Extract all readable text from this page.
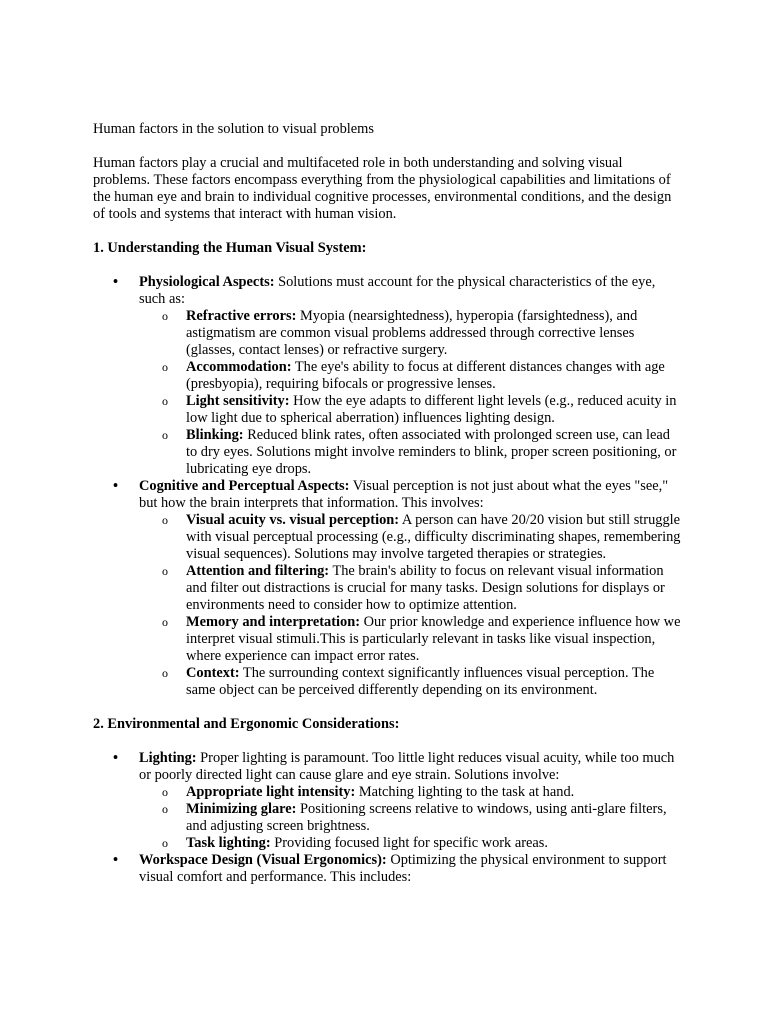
Human factors in the solution to visual problems

Human factors play a crucial and multifaceted role in both understanding and solving visual problems. These factors encompass everything from the physiological capabilities and limitations of the human eye and brain to individual cognitive processes, environmental conditions, and the design of tools and systems that interact with human vision.

1. Understanding the Human Visual System:

• Physiological Aspects: Solutions must account for the physical characteristics of the eye, such as:
o Refractive errors: Myopia (nearsightedness), hyperopia (farsightedness), and astigmatism are common visual problems addressed through corrective lenses (glasses, contact lenses) or refractive surgery.
o Accommodation: The eye's ability to focus at different distances changes with age (presbyopia), requiring bifocals or progressive lenses.
o Light sensitivity: How the eye adapts to different light levels (e.g., reduced acuity in low light due to spherical aberration) influences lighting design.
o Blinking: Reduced blink rates, often associated with prolonged screen use, can lead to dry eyes. Solutions might involve reminders to blink, proper screen positioning, or lubricating eye drops.
• Cognitive and Perceptual Aspects: Visual perception is not just about what the eyes "see," but how the brain interprets that information. This involves:
o Visual acuity vs. visual perception: A person can have 20/20 vision but still struggle with visual perceptual processing (e.g., difficulty discriminating shapes, remembering visual sequences). Solutions may involve targeted therapies or strategies.
o Attention and filtering: The brain's ability to focus on relevant visual information and filter out distractions is crucial for many tasks. Design solutions for displays or environments need to consider how to optimize attention.
o Memory and interpretation: Our prior knowledge and experience influence how we interpret visual stimuli.This is particularly relevant in tasks like visual inspection, where experience can impact error rates.
o Context: The surrounding context significantly influences visual perception. The same object can be perceived differently depending on its environment.

2. Environmental and Ergonomic Considerations:

• Lighting: Proper lighting is paramount. Too little light reduces visual acuity, while too much or poorly directed light can cause glare and eye strain. Solutions involve:
o Appropriate light intensity: Matching lighting to the task at hand.
o Minimizing glare: Positioning screens relative to windows, using anti-glare filters, and adjusting screen brightness.
o Task lighting: Providing focused light for specific work areas.
• Workspace Design (Visual Ergonomics): Optimizing the physical environment to support visual comfort and performance. This includes:
